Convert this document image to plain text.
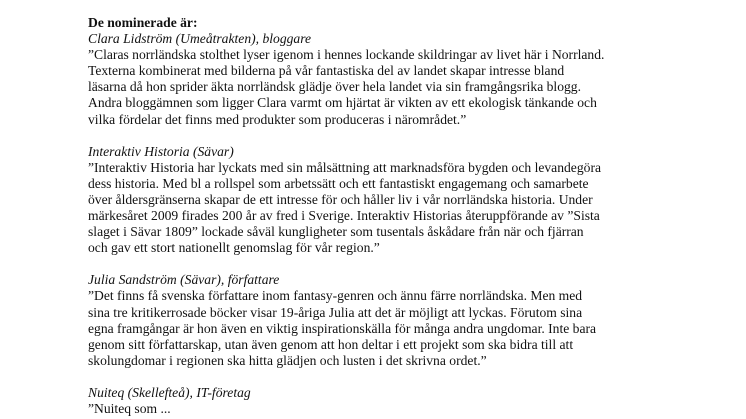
De nominerade är:

Clara Lidström (Umeåtrakten), bloggare
”Claras norrländska stolthet lyser igenom i hennes lockande skildringar av livet här i Norrland.
Texterna kombinerat med bilderna på vår fantastiska del av landet skapar intresse bland
läsarna då hon sprider äkta norrländsk glädje över hela landet via sin framgångsrika blogg.
Andra bloggämnen som ligger Clara varmt om hjärtat är vikten av ett ekologisk tänkande och
vilka fördelar det finns med produkter som produceras i närområdet.”
Interaktiv Historia (Sävar)
”Interaktiv Historia har lyckats med sin målsättning att marknadsföra bygden och levandegöra
dess historia. Med bl a rollspel som arbetssätt och ett fantastiskt engagemang och samarbete
över åldersgränserna skapar de ett intresse för och håller liv i vår norrländska historia. Under
märkesåret 2009 firades 200 år av fred i Sverige. Interaktiv Historias återuppförande av ”Sista
slaget i Sävar 1809” lockade såväl kungligheter som tusentals åskådare från när och fjärran
och gav ett stort nationellt genomslag för vår region.”
Julia Sandström (Sävar), författare
”Det finns få svenska författare inom fantasy-genren och ännu färre norrländska. Men med
sina tre kritikerrosade böcker visar 19-åriga Julia att det är möjligt att lyckas. Förutom sina
egna framgångar är hon även en viktig inspirationskälla för många andra ungdomar. Inte bara
genom sitt författarskap, utan även genom att hon deltar i ett projekt som ska bidra till att
skolungdomar i regionen ska hitta glädjen och lusten i det skrivna ordet.”
Nuiteq (Skellefteå), IT-företag
”Nuiteq som ...
